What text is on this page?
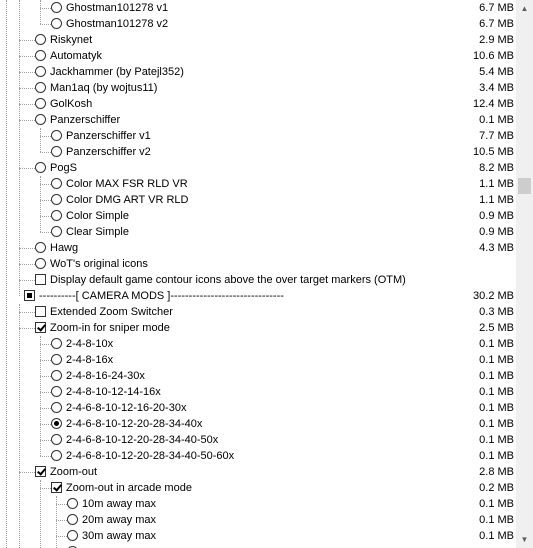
Ghostman101278 v1	6.7 MB
Ghostman101278 v2	6.7 MB
Riskynet	2.9 MB
Automatyk	10.6 MB
Jackhammer (by Patejl352)	5.4 MB
Man1aq (by wojtus11)	3.4 MB
GolKosh	12.4 MB
Panzerschiffer	0.1 MB
Panzerschiffer v1	7.7 MB
Panzerschiffer v2	10.5 MB
PogS	8.2 MB
Color MAX FSR RLD VR	1.1 MB
Color DMG ART VR RLD	1.1 MB
Color Simple	0.9 MB
Clear Simple	0.9 MB
Hawg	4.3 MB
WoT's original icons
Display default game contour icons above the over target markers (OTM)
----------[ CAMERA MODS ]-------------------------------	30.2 MB
Extended Zoom Switcher	0.3 MB
Zoom-in for sniper mode	2.5 MB
2-4-8-10x	0.1 MB
2-4-8-16x	0.1 MB
2-4-8-16-24-30x	0.1 MB
2-4-8-10-12-14-16x	0.1 MB
2-4-6-8-10-12-16-20-30x	0.1 MB
2-4-6-8-10-12-20-28-34-40x	0.1 MB
2-4-6-8-10-12-20-28-34-40-50x	0.1 MB
2-4-6-8-10-12-20-28-34-40-50-60x	0.1 MB
Zoom-out	2.8 MB
Zoom-out in arcade mode	0.2 MB
10m away max	0.1 MB
20m away max	0.1 MB
30m away max	0.1 MB
▲
▼
